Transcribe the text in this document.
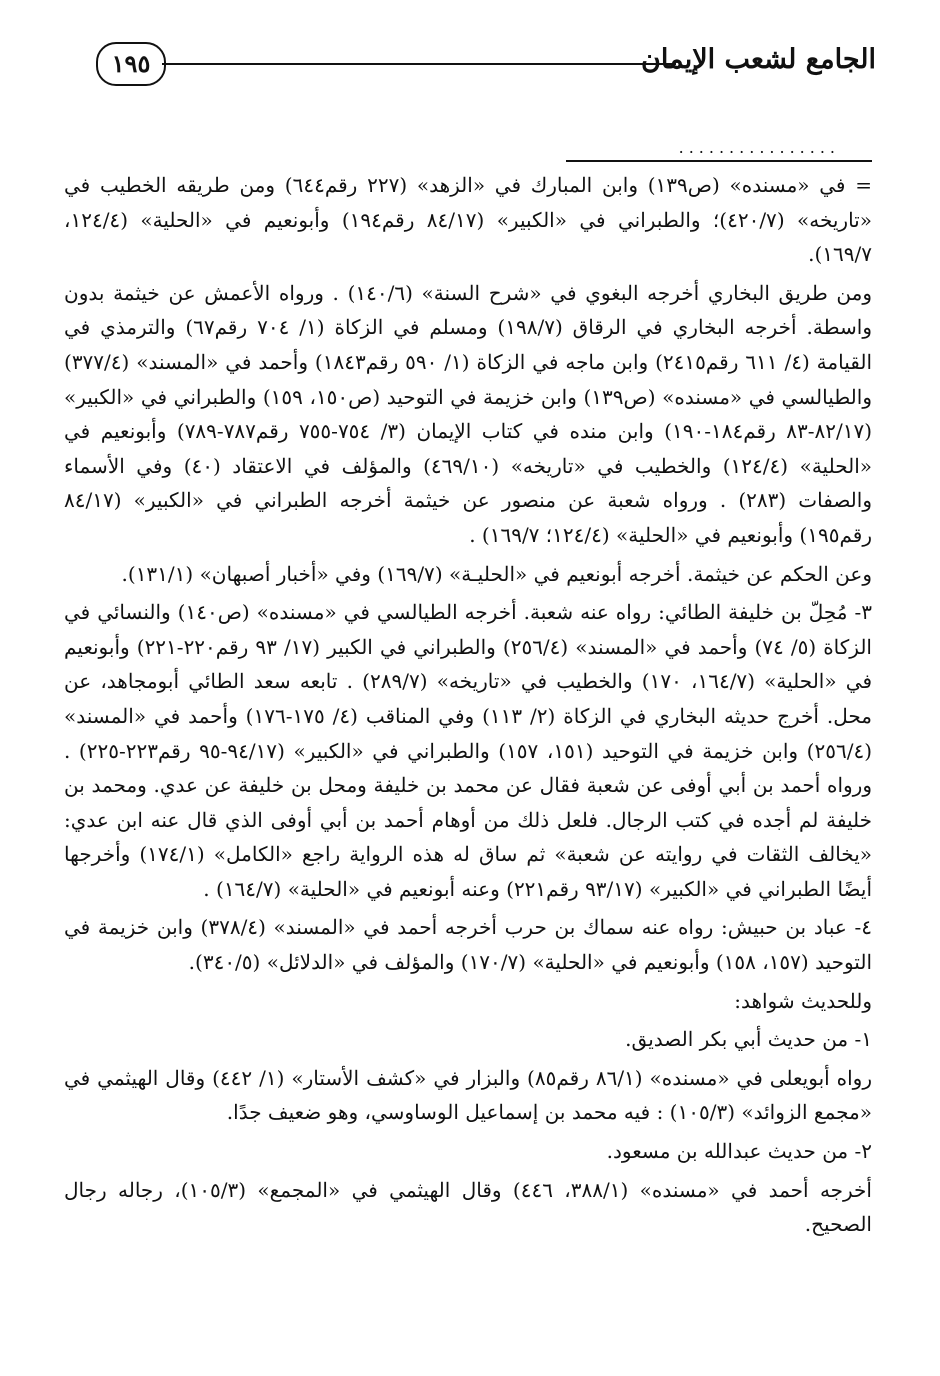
الجامع لشعب الإيمان
١٩٥
................

= في «مسنده» (ص١٣٩) وابن المبارك في «الزهد» (٢٢٧ رقم٦٤٤) ومن طريقه الخطيب في «تاريخه» (٤٢٠/٧)؛ والطبراني في «الكبير» (٨٤/١٧ رقم١٩٤) وأبونعيم في «الحلية» (١٢٤/٤، ١٦٩/٧).

ومن طريق البخاري أخرجه البغوي في «شرح السنة» (١٤٠/٦) . ورواه الأعمش عن خيثمة بدون واسطة. أخرجه البخاري في الرقاق (١٩٨/٧) ومسلم في الزكاة (١/ ٧٠٤ رقم٦٧) والترمذي في القيامة (٤/ ٦١١ رقم٢٤١٥) وابن ماجه في الزكاة (١/ ٥٩٠ رقم١٨٤٣) وأحمد في «المسند» (٣٧٧/٤) والطيالسي في «مسنده» (ص١٣٩) وابن خزيمة في التوحيد (ص١٥٠، ١٥٩) والطبراني في «الكبير» (٨٢/١٧-٨٣ رقم١٨٤-١٩٠) وابن منده في كتاب الإيمان (٣/ ٧٥٤-٧٥٥ رقم٧٨٧-٧٨٩) وأبونعيم في «الحلية» (١٢٤/٤) والخطيب في «تاريخه» (٤٦٩/١٠) والمؤلف في الاعتقاد (٤٠) وفي الأسماء والصفات (٢٨٣) . ورواه شعبة عن منصور عن خيثمة أخرجه الطبراني في «الكبير» (٨٤/١٧ رقم١٩٥) وأبونعيم في «الحلية» (١٢٤/٤؛ ١٦٩/٧) .

وعن الحكم عن خيثمة. أخرجه أبونعيم في «الحليـة» (١٦٩/٧) وفي «أخبار أصبهان» (١٣١/١).

٣- مُحِلّ بن خليفة الطائي: رواه عنه شعبة. أخرجه الطيالسي في «مسنده» (ص١٤٠) والنسائي في الزكاة (٥/ ٧٤) وأحمد في «المسند» (٢٥٦/٤) والطبراني في الكبير (١٧/ ٩٣ رقم٢٢٠-٢٢١) وأبونعيم في «الحلية» (١٦٤/٧، ١٧٠) والخطيب في «تاريخه» (٢٨٩/٧) . تابعه سعد الطائي أبومجاهد، عن محل. أخرج حديثه البخاري في الزكاة (٢/ ١١٣) وفي المناقب (٤/ ١٧٥-١٧٦) وأحمد في «المسند» (٢٥٦/٤) وابن خزيمة في التوحيد (١٥١، ١٥٧) والطبراني في «الكبير» (٩٤/١٧-٩٥ رقم٢٢٣-٢٢٥) . ورواه أحمد بن أبي أوفى عن شعبة فقال عن محمد بن خليفة ومحل بن خليفة عن عدي. ومحمد بن خليفة لم أجده في كتب الرجال. فلعل ذلك من أوهام أحمد بن أبي أوفى الذي قال عنه ابن عدي: «يخالف الثقات في روايته عن شعبة» ثم ساق له هذه الرواية راجع «الكامل» (١٧٤/١) وأخرجها أيضًا الطبراني في «الكبير» (٩٣/١٧ رقم٢٢١) وعنه أبونعيم في «الحلية» (١٦٤/٧) .

٤- عباد بن حبيش: رواه عنه سماك بن حرب أخرجه أحمد في «المسند» (٣٧٨/٤) وابن خزيمة في التوحيد (١٥٧، ١٥٨) وأبونعيم في «الحلية» (١٧٠/٧) والمؤلف في «الدلائل» (٣٤٠/٥).

وللحديث شواهد:

١- من حديث أبي بكر الصديق.

رواه أبويعلى في «مسنده» (٨٦/١ رقم٨٥) والبزار في «كشف الأستار» (١/ ٤٤٢) وقال الهيثمي في «مجمع الزوائد» (١٠٥/٣) : فيه محمد بن إسماعيل الوساوسي، وهو ضعيف جدًا.

٢- من حديث عبدالله بن مسعود.

أخرجه أحمد في «مسنده» (٣٨٨/١، ٤٤٦) وقال الهيثمي في «المجمع» (١٠٥/٣)، رجاله رجال الصحيح.
